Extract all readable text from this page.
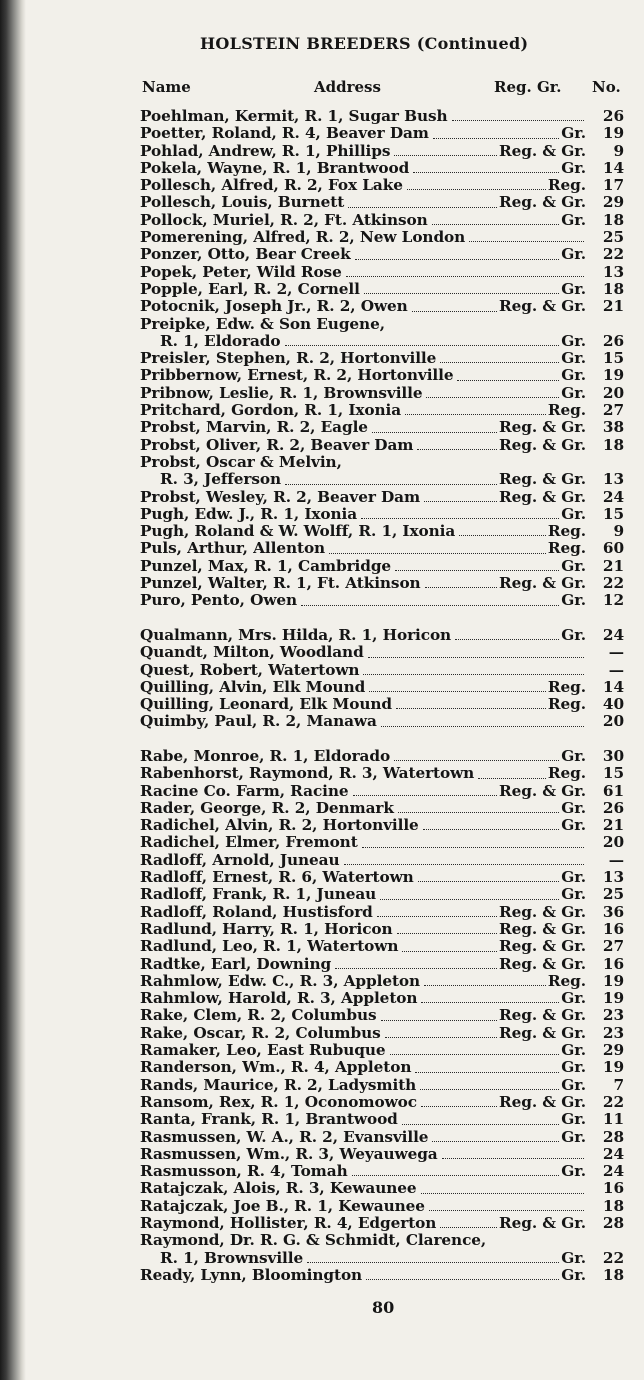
HOLSTEIN BREEDERS (Continued)
Name	Address	Reg. Gr. No.
Poehlman, Kermit, R. 1, Sugar Bush	26
Poetter, Roland, R. 4, Beaver Dam	Gr.	19
Pohlad, Andrew, R. 1, Phillips	Reg. & Gr.	9
Pokela, Wayne, R. 1, Brantwood	Gr.	14
Pollesch, Alfred, R. 2, Fox Lake	Reg.	17
Pollesch, Louis, Burnett	Reg. & Gr.	29
Pollock, Muriel, R. 2, Ft. Atkinson	Gr.	18
Pomerening, Alfred, R. 2, New London	25
Ponzer, Otto, Bear Creek	Gr.	22
Popek, Peter, Wild Rose	13
Popple, Earl, R. 2, Cornell	Gr.	18
Potocnik, Joseph Jr., R. 2, Owen	Reg. & Gr.	21
Preipke, Edw. & Son Eugene,
R. 1, Eldorado	Gr.	26
Preisler, Stephen, R. 2, Hortonville	Gr.	15
Pribbernow, Ernest, R. 2, Hortonville	Gr.	19
Pribnow, Leslie, R. 1, Brownsville	Gr.	20
Pritchard, Gordon, R. 1, Ixonia	Reg.	27
Probst, Marvin, R. 2, Eagle	Reg. & Gr.	38
Probst, Oliver, R. 2, Beaver Dam	Reg. & Gr.	18
Probst, Oscar & Melvin,
R. 3, Jefferson	Reg. & Gr.	13
Probst, Wesley, R. 2, Beaver Dam	Reg. & Gr.	24
Pugh, Edw. J., R. 1, Ixonia	Gr.	15
Pugh, Roland & W. Wolff, R. 1, Ixonia	Reg.	9
Puls, Arthur, Allenton	Reg.	60
Punzel, Max, R. 1, Cambridge	Gr.	21
Punzel, Walter, R. 1, Ft. Atkinson	Reg. & Gr.	22
Puro, Pento, Owen	Gr.	12
Qualmann, Mrs. Hilda, R. 1, Horicon	Gr.	24
Quandt, Milton, Woodland	—
Quest, Robert, Watertown	—
Quilling, Alvin, Elk Mound	Reg.	14
Quilling, Leonard, Elk Mound	Reg.	40
Quimby, Paul, R. 2, Manawa	20
Rabe, Monroe, R. 1, Eldorado	Gr.	30
Rabenhorst, Raymond, R. 3, Watertown	Reg.	15
Racine Co. Farm, Racine	Reg. & Gr.	61
Rader, George, R. 2, Denmark	Gr.	26
Radichel, Alvin, R. 2, Hortonville	Gr.	21
Radichel, Elmer, Fremont	20
Radloff, Arnold, Juneau	—
Radloff, Ernest, R. 6, Watertown	Gr.	13
Radloff, Frank, R. 1, Juneau	Gr.	25
Radloff, Roland, Hustisford	Reg. & Gr.	36
Radlund, Harry, R. 1, Horicon	Reg. & Gr.	16
Radlund, Leo, R. 1, Watertown	Reg. & Gr.	27
Radtke, Earl, Downing	Reg. & Gr.	16
Rahmlow, Edw. C., R. 3, Appleton	Reg.	19
Rahmlow, Harold, R. 3, Appleton	Gr.	19
Rake, Clem, R. 2, Columbus	Reg. & Gr.	23
Rake, Oscar, R. 2, Columbus	Reg. & Gr.	23
Ramaker, Leo, East Rubuque	Gr.	29
Randerson, Wm., R. 4, Appleton	Gr.	19
Rands, Maurice, R. 2, Ladysmith	Gr.	7
Ransom, Rex, R. 1, Oconomowoc	Reg. & Gr.	22
Ranta, Frank, R. 1, Brantwood	Gr.	11
Rasmussen, W. A., R. 2, Evansville	Gr.	28
Rasmussen, Wm., R. 3, Weyauwega	24
Rasmusson, R. 4, Tomah	Gr.	24
Ratajczak, Alois, R. 3, Kewaunee	16
Ratajczak, Joe B., R. 1, Kewaunee	18
Raymond, Hollister, R. 4, Edgerton	Reg. & Gr.	28
Raymond, Dr. R. G. & Schmidt, Clarence,
R. 1, Brownsville	Gr.	22
Ready, Lynn, Bloomington	Gr.	18
80
